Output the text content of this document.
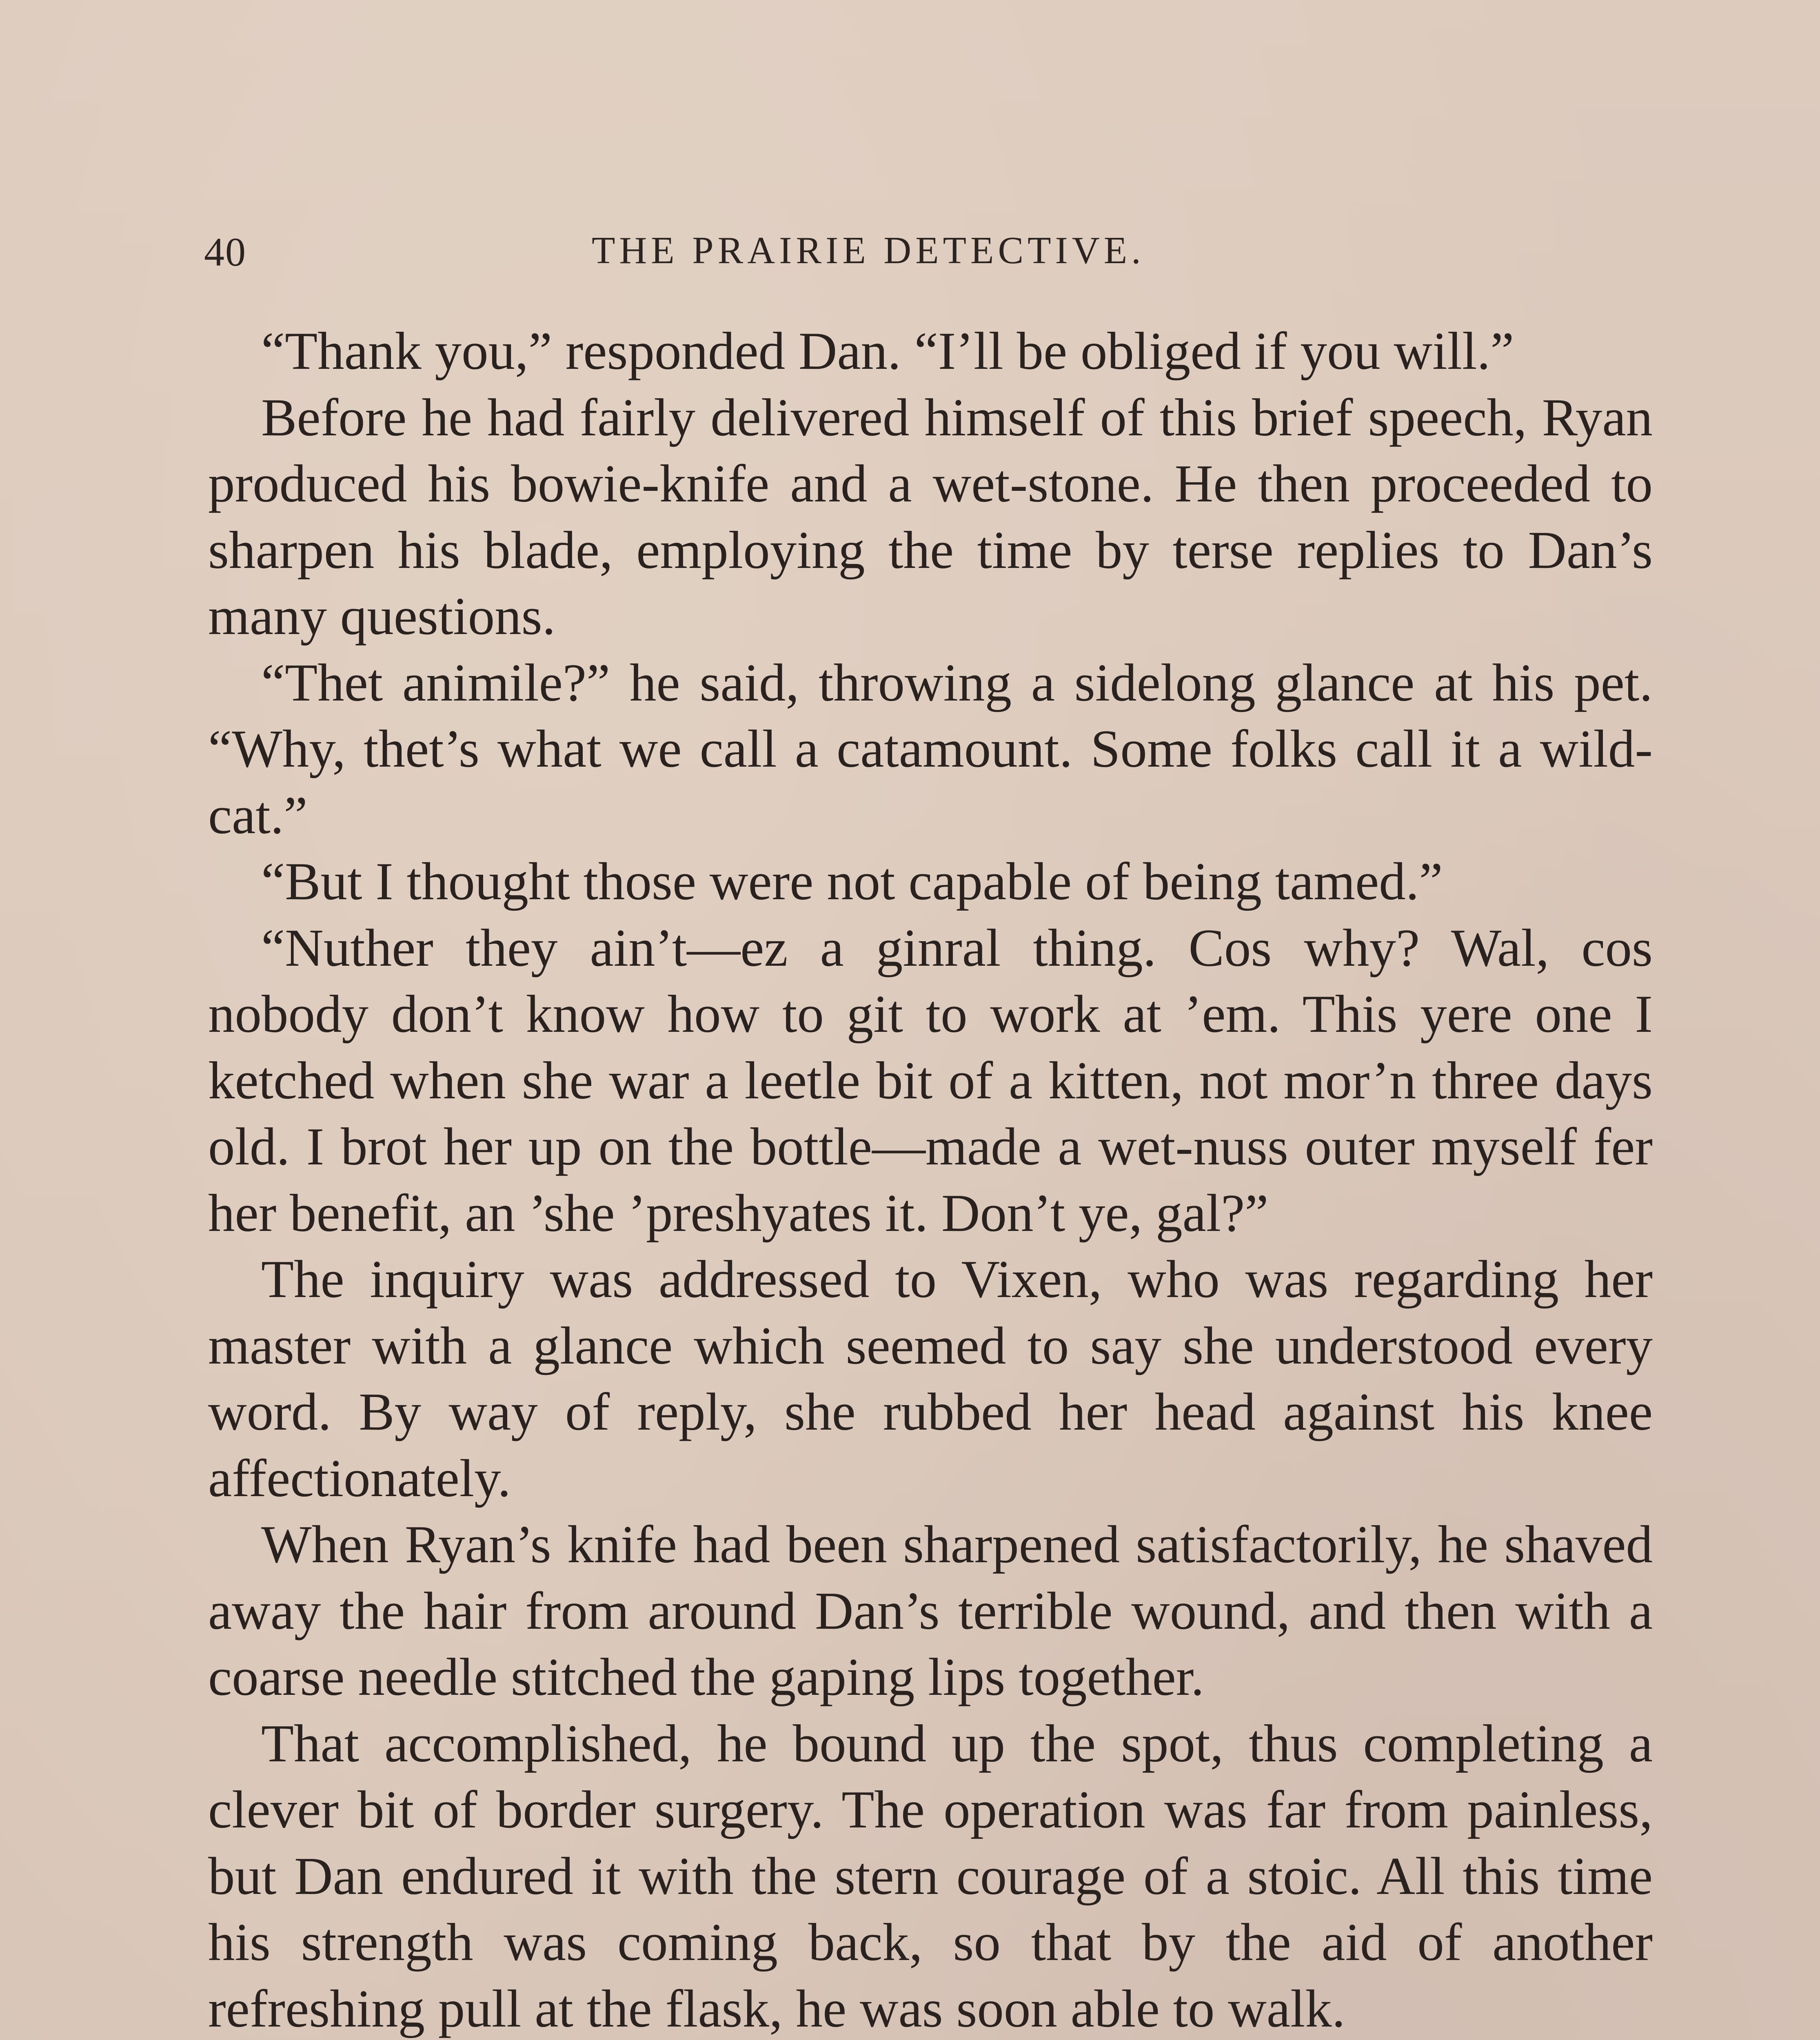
40	THE PRAIRIE DETECTIVE.

“Thank you,” responded Dan. “I’ll be obliged if you will.”

Before he had fairly delivered himself of this brief speech, Ryan produced his bowie-knife and a wet-stone. He then proceeded to sharpen his blade, employing the time by terse replies to Dan’s many questions.

“Thet animile?” he said, throwing a sidelong glance at his pet. “Why, thet’s what we call a catamount. Some folks call it a wild-cat.”

“But I thought those were not capable of being tamed.”

“Nuther they ain’t—ez a ginral thing. Cos why? Wal, cos nobody don’t know how to git to work at ’em. This yere one I ketched when she war a leetle bit of a kitten, not mor’n three days old. I brot her up on the bottle—made a wet-nuss outer myself fer her benefit, an ’she ’preshyates it. Don’t ye, gal?”

The inquiry was addressed to Vixen, who was regarding her master with a glance which seemed to say she understood every word. By way of reply, she rubbed her head against his knee affectionately.

When Ryan’s knife had been sharpened satisfactorily, he shaved away the hair from around Dan’s terrible wound, and then with a coarse needle stitched the gaping lips together.

That accomplished, he bound up the spot, thus completing a clever bit of border surgery. The operation was far from painless, but Dan endured it with the stern courage of a stoic. All this time his strength was coming back, so that by the aid of another refreshing pull at the flask, he was soon able to walk.
